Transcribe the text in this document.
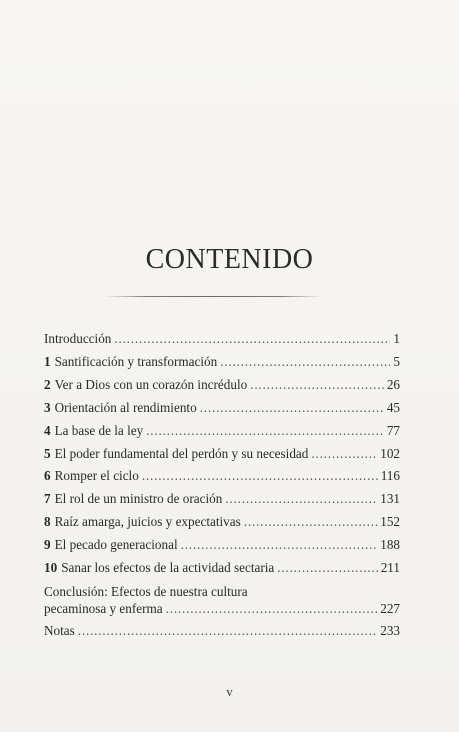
CONTENIDO
Introducción .....	1
1 Santificación y transformación .....	5
2 Ver a Dios con un corazón incrédulo .....	26
3 Orientación al rendimiento .....	45
4 La base de la ley .....	77
5 El poder fundamental del perdón y su necesidad .....	102
6 Romper el ciclo .....	116
7 El rol de un ministro de oración .....	131
8 Raíz amarga, juicios y expectativas .....	152
9 El pecado generacional .....	188
10 Sanar los efectos de la actividad sectaria .....	211
Conclusión: Efectos de nuestra cultura
pecaminosa y enferma .....	227
Notas .....	233
v
